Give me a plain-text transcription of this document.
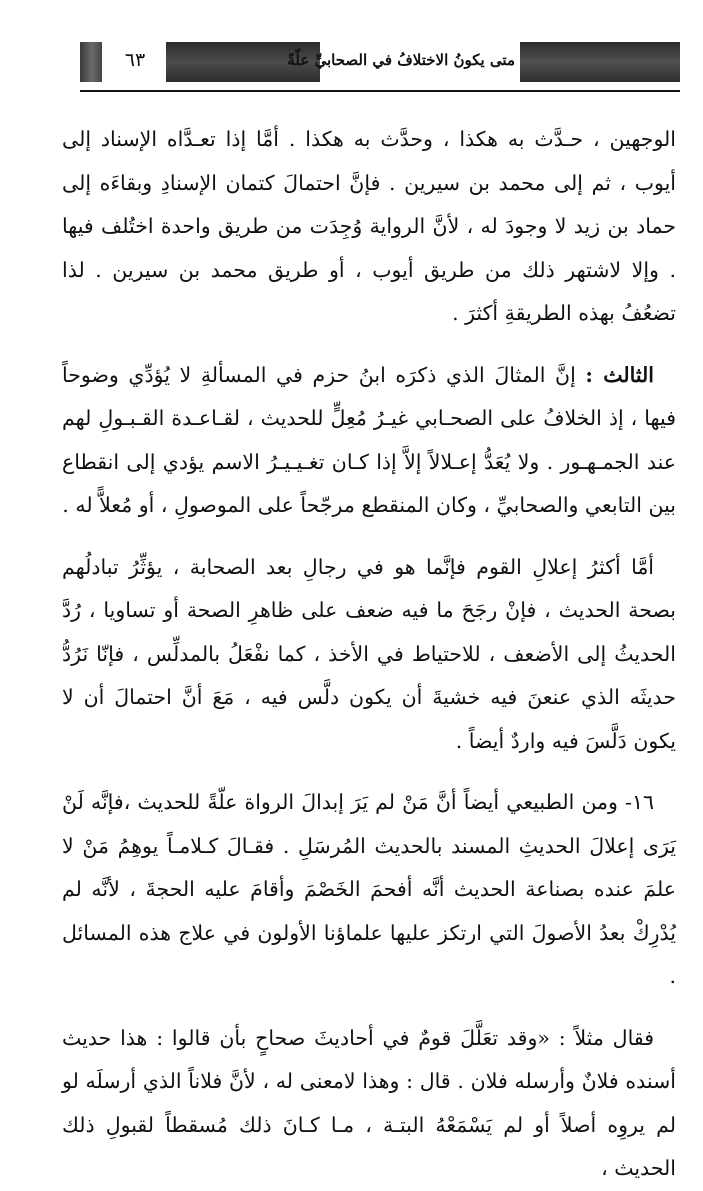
٦٣	متى يكونُ الاختلافُ في الصحابيِّ علّةً

الوجهين ، حـدَّث به هكذا ، وحدَّث به هكذا . أمَّا إذا تعـدَّاه الإسناد إلى أيوب ، ثم إلى محمد بن سيرين . فإنَّ احتمالَ كتمان الإسنادِ وبقاءَه إلى حماد بن زيد لا وجودَ له ، لأنَّ الرواية وُجِدَت من طريق واحدة اختُلف فيها . وإلا لاشتهر ذلك من طريق أيوب ، أو طريق محمد بن سيرين . لذا تضعُفُ بهذه الطريقةِ أكثرَ .

الثالث : إنَّ المثالَ الذي ذكرَه ابنُ حزم في المسألةِ لا يُؤدِّي وضوحاً فيها ، إذ الخلافُ على الصحـابي غيـرُ مُعِلٍّ للحديث ، لقـاعـدة القـبـولِ لهم عند الجمـهـور . ولا يُعَدُّ إعـلالاً إلاَّ إذا كـان تغـيـيـرُ الاسم يؤدي إلى انقطاع بين التابعي والصحابيِّ ، وكان المنقطع مرجّحاً على الموصولِ ، أو مُعلاًّ له .

أمَّا أكثرُ إعلالِ القوم فإنَّما هو في رجالِ بعد الصحابة ، يؤثِّرُ تبادلُهم بصحة الحديث ، فإنْ رجَحَ ما فيه ضعف على ظاهرِ الصحة أو تساويا ، رُدَّ الحديثُ إلى الأضعف ، للاحتياط في الأخذ ، كما نفْعَلُ بالمدلِّس ، فإنّا نَرُدُّ حديثَه الذي عنعنَ فيه خشيةَ أن يكون دلَّس فيه ، مَعَ أنَّ احتمالَ أن لا يكون دَلَّسَ فيه واردٌ أيضاً .

١٦- ومن الطبيعي أيضاً أنَّ مَنْ لم يَرَ إبدالَ الرواة علّةً للحديث ،فإنَّه لَنْ يَرَى إعلالَ الحديثِ المسند بالحديث المُرسَلِ . فقـالَ كـلامـاً يوهِمُ مَنْ لا علمَ عنده بصناعة الحديث أنَّه أفحمَ الخَصْمَ وأقامَ عليه الحجةَ ، لأنَّه لم يُدْرِكْ بعدُ الأصولَ التي ارتكز عليها علماؤنا الأولون في علاج هذه المسائل .

فقال مثلاً : «وقد تعَلَّلَ قومٌ في أحاديثَ صحاحٍ بأن قالوا : هذا حديث أسنده فلانٌ وأرسله فلان . قال : وهذا لامعنى له ، لأنَّ فلاناً الذي أرسلَه لو لم يروِه أصلاً أو لم يَسْمَعْهُ البتـة ، مـا كـانَ ذلك مُسقطاً لقبولِ ذلك الحديث ،
